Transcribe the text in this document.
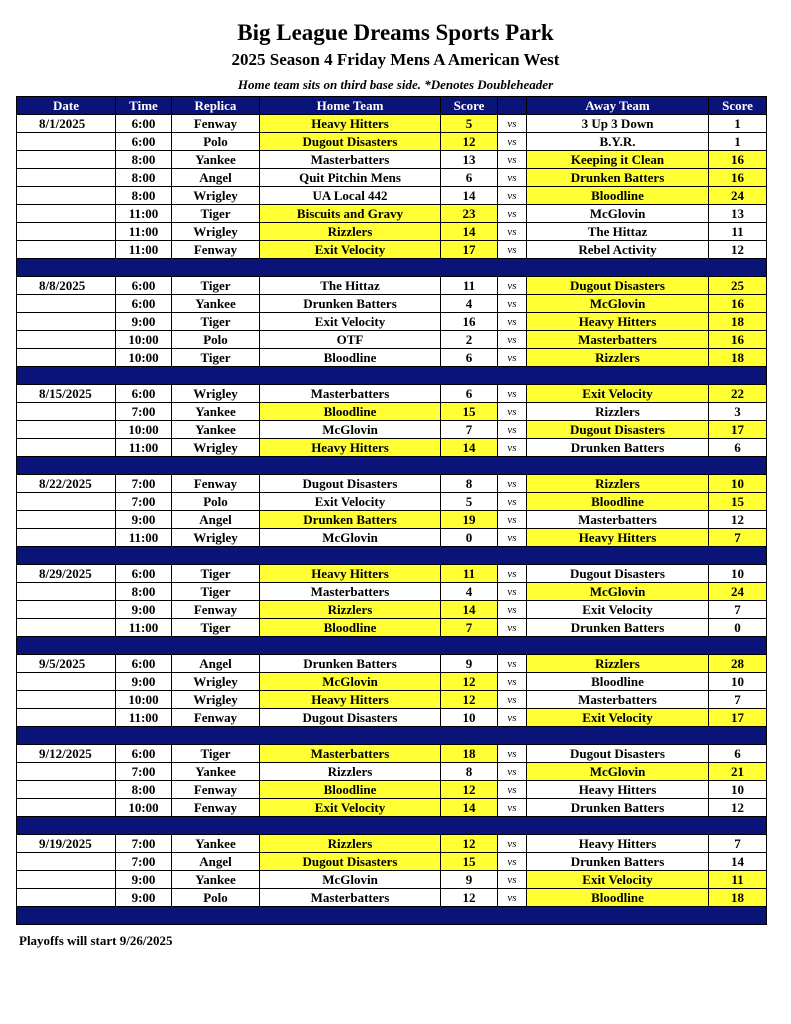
Big League Dreams Sports Park
2025 Season 4 Friday Mens A American West
Home team sits on third base side. *Denotes Doubleheader
Date	Time	Replica	Home Team	Score		Away Team	Score
8/1/2025	6:00	Fenway	Heavy Hitters	5	vs	3 Up 3 Down	1
	6:00	Polo	Dugout Disasters	12	vs	B.Y.R.	1
	8:00	Yankee	Masterbatters	13	vs	Keeping it Clean	16
	8:00	Angel	Quit Pitchin Mens	6	vs	Drunken Batters	16
	8:00	Wrigley	UA Local 442	14	vs	Bloodline	24
	11:00	Tiger	Biscuits and Gravy	23	vs	McGlovin	13
	11:00	Wrigley	Rizzlers	14	vs	The Hittaz	11
	11:00	Fenway	Exit Velocity	17	vs	Rebel Activity	12

8/8/2025	6:00	Tiger	The Hittaz	11	vs	Dugout Disasters	25
	6:00	Yankee	Drunken Batters	4	vs	McGlovin	16
	9:00	Tiger	Exit Velocity	16	vs	Heavy Hitters	18
	10:00	Polo	OTF	2	vs	Masterbatters	16
	10:00	Tiger	Bloodline	6	vs	Rizzlers	18

8/15/2025	6:00	Wrigley	Masterbatters	6	vs	Exit Velocity	22
	7:00	Yankee	Bloodline	15	vs	Rizzlers	3
	10:00	Yankee	McGlovin	7	vs	Dugout Disasters	17
	11:00	Wrigley	Heavy Hitters	14	vs	Drunken Batters	6

8/22/2025	7:00	Fenway	Dugout Disasters	8	vs	Rizzlers	10
	7:00	Polo	Exit Velocity	5	vs	Bloodline	15
	9:00	Angel	Drunken Batters	19	vs	Masterbatters	12
	11:00	Wrigley	McGlovin	0	vs	Heavy Hitters	7

8/29/2025	6:00	Tiger	Heavy Hitters	11	vs	Dugout Disasters	10
	8:00	Tiger	Masterbatters	4	vs	McGlovin	24
	9:00	Fenway	Rizzlers	14	vs	Exit Velocity	7
	11:00	Tiger	Bloodline	7	vs	Drunken Batters	0

9/5/2025	6:00	Angel	Drunken Batters	9	vs	Rizzlers	28
	9:00	Wrigley	McGlovin	12	vs	Bloodline	10
	10:00	Wrigley	Heavy Hitters	12	vs	Masterbatters	7
	11:00	Fenway	Dugout Disasters	10	vs	Exit Velocity	17

9/12/2025	6:00	Tiger	Masterbatters	18	vs	Dugout Disasters	6
	7:00	Yankee	Rizzlers	8	vs	McGlovin	21
	8:00	Fenway	Bloodline	12	vs	Heavy Hitters	10
	10:00	Fenway	Exit Velocity	14	vs	Drunken Batters	12

9/19/2025	7:00	Yankee	Rizzlers	12	vs	Heavy Hitters	7
	7:00	Angel	Dugout Disasters	15	vs	Drunken Batters	14
	9:00	Yankee	McGlovin	9	vs	Exit Velocity	11
	9:00	Polo	Masterbatters	12	vs	Bloodline	18

Playoffs will start 9/26/2025
